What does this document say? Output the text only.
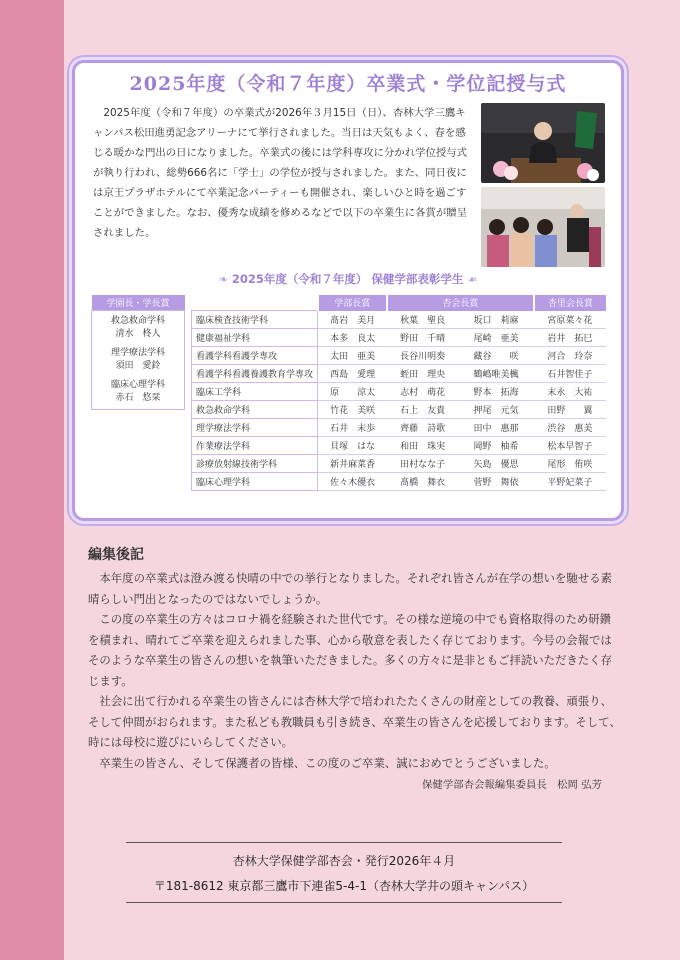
2025年度（令和７年度）卒業式・学位記授与式

2025年度（令和７年度）の卒業式が2026年３月15日（日）、杏林大学三鷹キャンパス松田進勇記念アリーナにて挙行されました。当日は天気もよく、春を感じる暖かな門出の日になりました。卒業式の後には学科専攻に分かれ学位授与式が執り行われ、総勢666名に「学士」の学位が授与されました。また、同日夜には京王プラザホテルにて卒業記念パーティーも開催され、楽しいひと時を過ごすことができました。なお、優秀な成績を修めるなどで以下の卒業生に各賞が贈呈されました。

❧ 2025年度（令和７年度） 保健学部表彰学生 ☙
学園長・学長賞

救急救命学科
清水　柊人
理学療法学科
須田　愛鈴
臨床心理学科
赤石　悠栞
	学部長賞	杏会長賞		杏里会長賞
臨床検査技術学科	髙岩　美月	秋葉　聖良	坂口　莉麻	宮原菜々花
健康福祉学科	本多　良太	野田　千晴	尾崎　亜美	岩井　拓巳
看護学科看護学専攻	太田　亜美	長谷川明奏	藏谷　　咲	河合　玲奈
看護学科看護養護教育学専攻	西島　愛理	蛭田　理央	鶴嶋唯美楓	石井智佳子
臨床工学科	原　　涼太	志村　萌花	野本　拓海	末永　大祐
救急救命学科	竹花　美咲	石上　友貴	押尾　元気	田野　　翼
理学療法学科	石井　未歩	齊藤　詩歌	田中　惠那	渋谷　惠美
作業療法学科	貝塚　はな	和田　珠実	岡野　柚希	松本早智子
診療放射線技術学科	新井麻菜香	田村なな子	矢島　優思	尾形　侑咲
臨床心理学科	佐々木優衣	髙橋　舞衣	菅野　舞依	平野妃菜子
編集後記

本年度の卒業式は澄み渡る快晴の中での挙行となりました。それぞれ皆さんが在学の想いを馳せる素晴らしい門出となったのではないでしょうか。

この度の卒業生の方々はコロナ禍を経験された世代です。その様な逆境の中でも資格取得のため研鑽を積まれ、晴れてご卒業を迎えられました事、心から敬意を表したく存じております。今号の会報ではそのような卒業生の皆さんの想いを執筆いただきました。多くの方々に是非ともご拝読いただきたく存じます。

社会に出て行かれる卒業生の皆さんには杏林大学で培われたたくさんの財産としての教養、頑張り、そして仲間がおられます。また私ども教職員も引き続き、卒業生の皆さんを応援しております。そして、時には母校に遊びにいらしてください。

卒業生の皆さん、そして保護者の皆様、この度のご卒業、誠におめでとうございました。

保健学部杏会報編集委員長　松岡 弘芳

杏林大学保健学部杏会・発行2026年４月

〒181-8612 東京都三鷹市下連雀5-4-1（杏林大学井の頭キャンパス）
